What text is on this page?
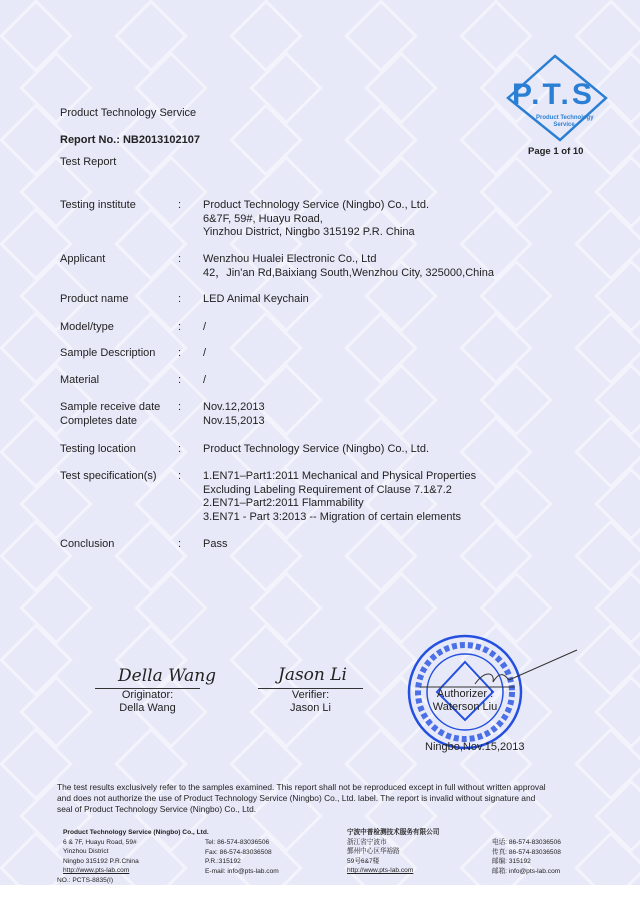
P.T.S
Product Technology
Service
Page 1 of 10
Product Technology Service
Report No.: NB2013102107
Test Report
Testing institute	: Product Technology Service (Ningbo) Co., Ltd.
6&7F, 59#, Huayu Road,
Yinzhou District, Ningbo 315192 P.R. China
Applicant	: Wenzhou Hualei Electronic Co., Ltd
42，Jin'an Rd,Baixiang South,Wenzhou City, 325000,China
Product name	: LED Animal Keychain
Model/type	: /
Sample Description : /
Material	: /
Sample receive date : Nov.12,2013
Completes date	Nov.15,2013
Testing location	: Product Technology Service (Ningbo) Co., Ltd.
Test specification(s) : 1.EN71–Part1:2011 Mechanical and Physical Properties
Excluding Labeling Requirement of Clause 7.1&7.2
2.EN71–Part2:2011 Flammability
3.EN71 - Part 3:2013 -- Migration of certain elements
Conclusion	: Pass
Della Wang
Originator:
Della Wang
Jason Li
Verifier:
Jason Li
Authorizer :
Waterson Liu
Ningbo,Nov.15,2013
The test results exclusively refer to the samples examined. This report shall not be reproduced except in full without written approval
and does not authorize the use of Product Technology Service (Ningbo) Co., Ltd. label. The report is invalid without signature and
seal of Product Technology Service (Ningbo) Co., Ltd.
Product Technology Service (Ningbo) Co., Ltd.
6 & 7F, Huayu Road, 59#
Yinzhou District
Ningbo 315192 P.R.China
http://www.pts-lab.com
NO.: PCTS-8835(I)
Tel: 86-574-83036506
Fax: 86-574-83036508
P.R.:315192
E-mail: info@pts-lab.com
宁波中普检测技术服务有限公司
浙江省宁波市
鄞州中心区华裕路
59号6&7楼
http://www.pts-lab.com
电话: 86-574-83036506
传真: 86-574-83036508
邮编: 315192
邮箱: info@pts-lab.com
